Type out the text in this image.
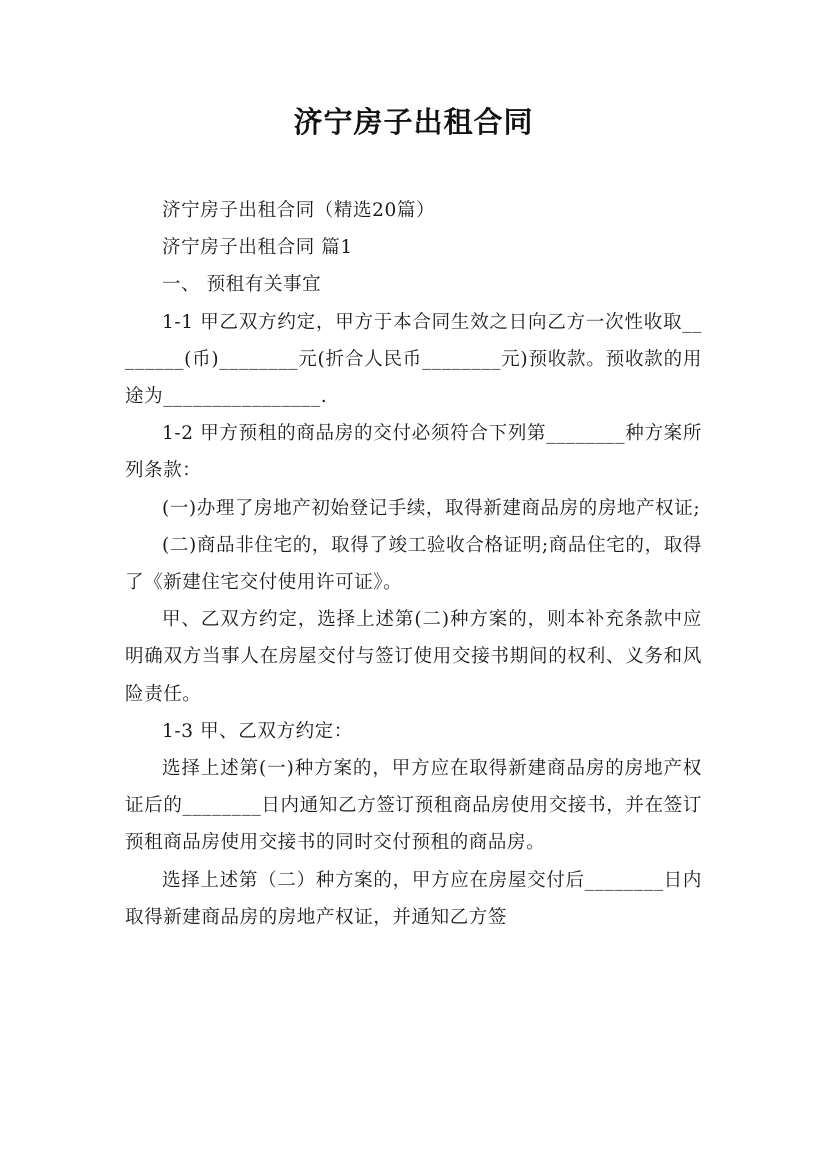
济宁房子出租合同

济宁房子出租合同（精选20篇）

济宁房子出租合同 篇1

一、 预租有关事宜

1-1 甲乙双方约定，甲方于本合同生效之日向乙方一次性收取________(币)________元(折合人民币________元)预收款。预收款的用途为________________.

1-2 甲方预租的商品房的交付必须符合下列第________种方案所列条款：

(一)办理了房地产初始登记手续，取得新建商品房的房地产权证;

(二)商品非住宅的，取得了竣工验收合格证明;商品住宅的，取得了《新建住宅交付使用许可证》。

甲、乙双方约定，选择上述第(二)种方案的，则本补充条款中应明确双方当事人在房屋交付与签订使用交接书期间的权利、义务和风险责任。

1-3 甲、乙双方约定：

选择上述第(一)种方案的，甲方应在取得新建商品房的房地产权证后的________日内通知乙方签订预租商品房使用交接书，并在签订预租商品房使用交接书的同时交付预租的商品房。

选择上述第（二）种方案的，甲方应在房屋交付后________日内取得新建商品房的房地产权证，并通知乙方签
